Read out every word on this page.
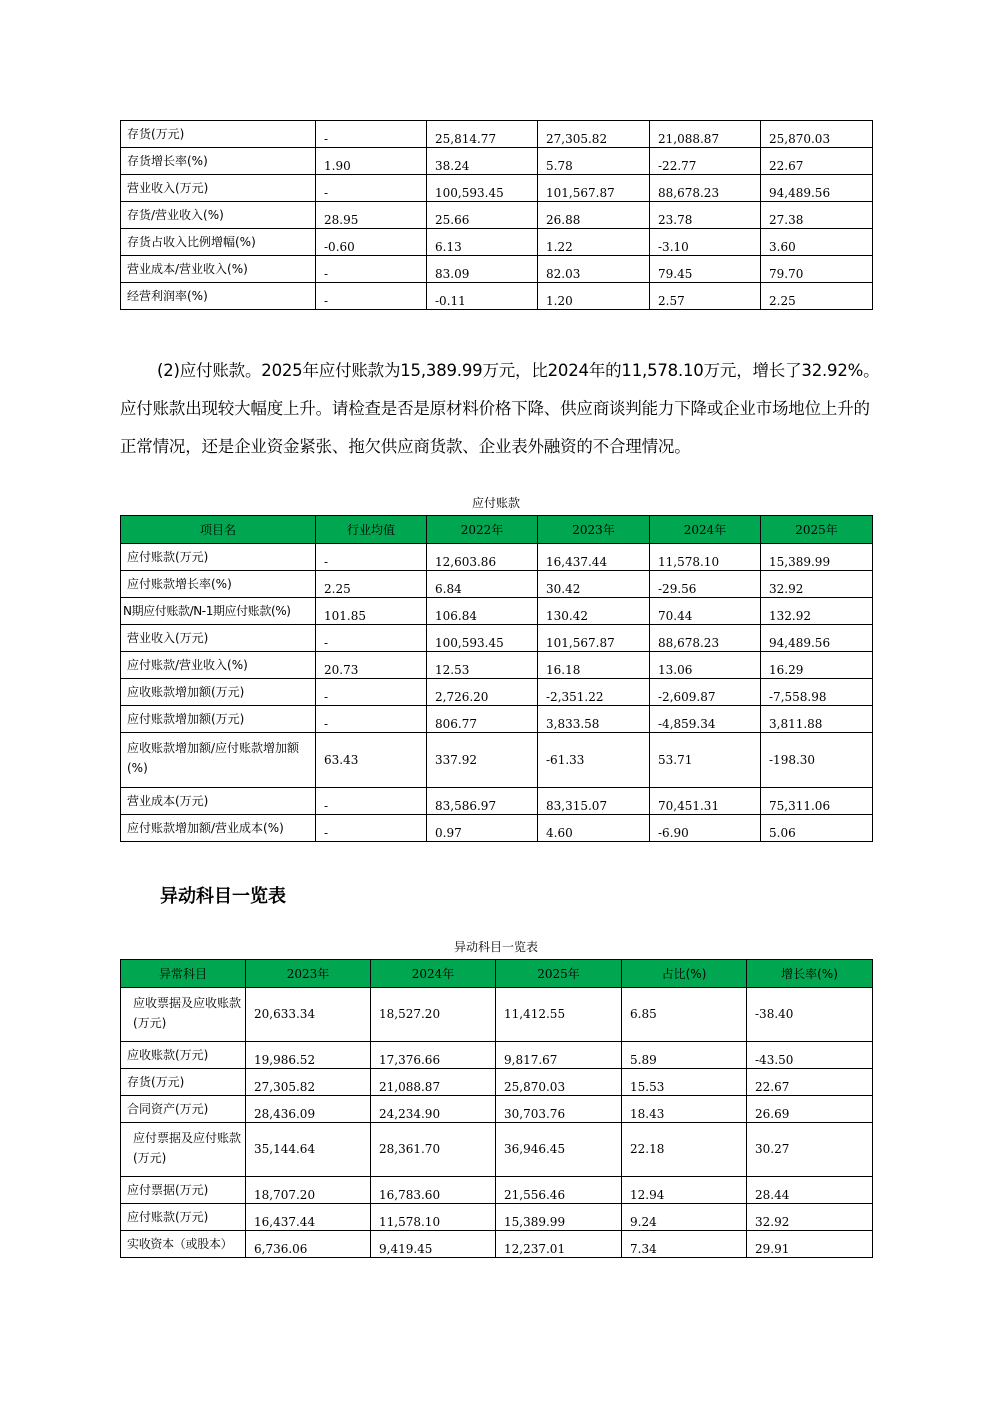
存货(万元)	-	25,814.77	27,305.82	21,088.87	25,870.03
存货增长率(%)	1.90	38.24	5.78	-22.77	22.67
营业收入(万元)	-	100,593.45	101,567.87	88,678.23	94,489.56
存货/营业收入(%)	28.95	25.66	26.88	23.78	27.38
存货占收入比例增幅(%)	-0.60	6.13	1.22	-3.10	3.60
营业成本/营业收入(%)	-	83.09	82.03	79.45	79.70
经营利润率(%)	-	-0.11	1.20	2.57	2.25

(2)应付账款。2025年应付账款为15,389.99万元，比2024年的11,578.10万元，增长了32.92%。应付账款出现较大幅度上升。请检查是否是原材料价格下降、供应商谈判能力下降或企业市场地位上升的正常情况，还是企业资金紧张、拖欠供应商货款、企业表外融资的不合理情况。

应付账款
项目名	行业均值	2022年	2023年	2024年	2025年
应付账款(万元)	-	12,603.86	16,437.44	11,578.10	15,389.99
应付账款增长率(%)	2.25	6.84	30.42	-29.56	32.92
N期应付账款/N-1期应付账款(%)	101.85	106.84	130.42	70.44	132.92
营业收入(万元)	-	100,593.45	101,567.87	88,678.23	94,489.56
应付账款/营业收入(%)	20.73	12.53	16.18	13.06	16.29
应收账款增加额(万元)	-	2,726.20	-2,351.22	-2,609.87	-7,558.98
应付账款增加额(万元)	-	806.77	3,833.58	-4,859.34	3,811.88

应收账款增加额/应付账款增加额(%)	63.43	337.92	-61.33	53.71	-198.30
营业成本(万元)	-	83,586.97	83,315.07	70,451.31	75,311.06
应付账款增加额/营业成本(%)	-	0.97	4.60	-6.90	5.06
异动科目一览表
异动科目一览表
异常科目	2023年	2024年	2025年	占比(%)	增长率(%)

应收票据及应收账款(万元)	20,633.34	18,527.20	11,412.55	6.85	-38.40
应收账款(万元)	19,986.52	17,376.66	9,817.67	5.89	-43.50
存货(万元)	27,305.82	21,088.87	25,870.03	15.53	22.67
合同资产(万元)	28,436.09	24,234.90	30,703.76	18.43	26.69

应付票据及应付账款(万元)	35,144.64	28,361.70	36,946.45	22.18	30.27
应付票据(万元)	18,707.20	16,783.60	21,556.46	12.94	28.44
应付账款(万元)	16,437.44	11,578.10	15,389.99	9.24	32.92
实收资本（或股本）	6,736.06	9,419.45	12,237.01	7.34	29.91
